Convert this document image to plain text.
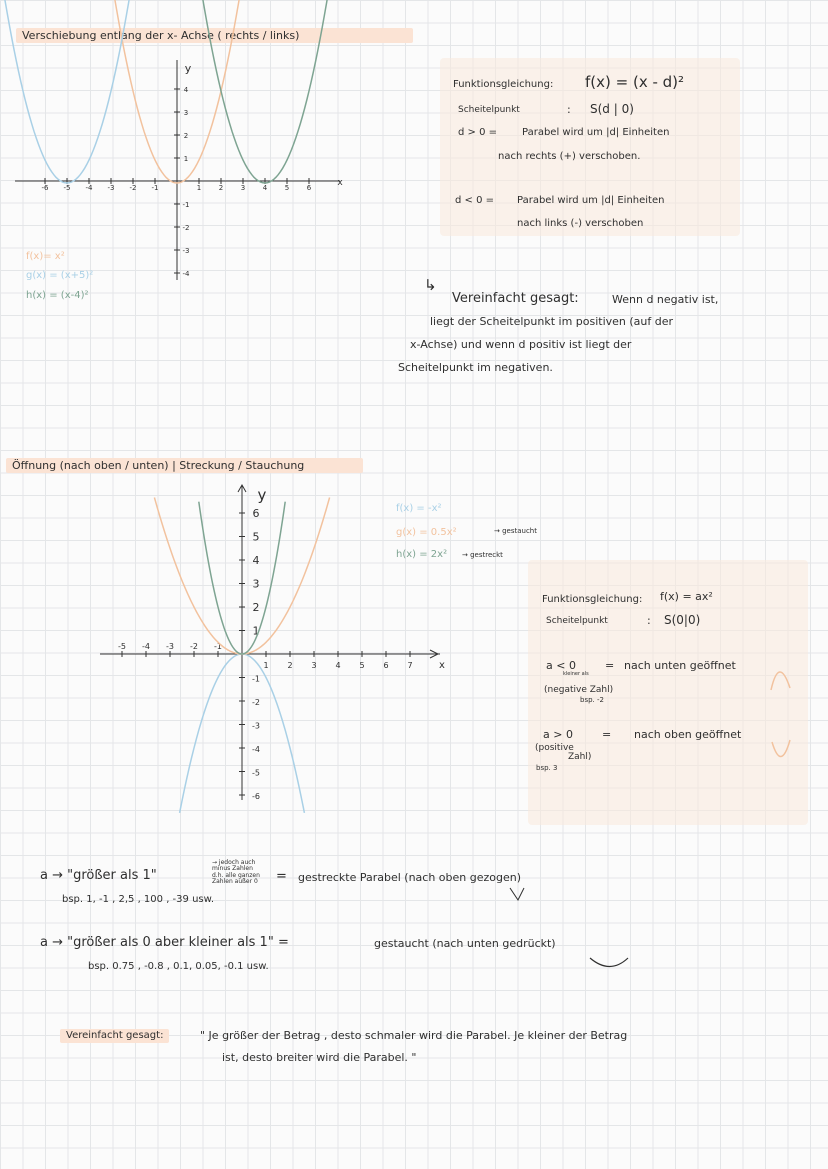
Verschiebung entlang der x- Achse ( rechts / links)
x
y
-6 -5 -4 -3 -2 -1	1	2	3	4	5	6
4
3
2
1
-1
-2
-3
-4
f(x)= x²
g(x) = (x+5)²
h(x) = (x-4)²
Funktionsgleichung: f(x) = (x - d)²
Scheitelpunkt	: S(d | 0)
d > 0 = Parabel wird um |d| Einheiten
nach rechts (+) verschoben.
d < 0 = Parabel wird um |d| Einheiten
nach links (-) verschoben
↳
Vereinfacht gesagt:	Wenn d negativ ist,
liegt der Scheitelpunkt im positiven (auf der
x-Achse) und wenn d positiv ist liegt der
Scheitelpunkt im negativen.
Öffnung (nach oben / unten) | Streckung / Stauchung
x
y
-5 -4 -3 -2 -1
1 2 3 4 5 6 7
6
5
4
3
2
1
-1
-2
-3
-4
-5
-6
f(x) = -x²
g(x) = 0.5x²	→ gestaucht
h(x) = 2x² → gestreckt
Funktionsgleichung: f(x) = ax²
Scheitelpunkt	: S(0|0)
a < 0
kleiner als
= nach unten geöffnet
(negative Zahl)
bsp. -2
a > 0	= nach oben geöffnet
(positive
Zahl)
bsp. 3
a → "größer als 1"
→ jedoch auch
minus Zahlen
d.h. alle ganzen
Zahlen außer 0 = gestreckte Parabel (nach oben gezogen)
bsp. 1, -1 , 2,5 , 100 , -39 usw.
a → "größer als 0 aber kleiner als 1" =	gestaucht (nach unten gedrückt)
bsp. 0.75 , -0.8 , 0.1, 0.05, -0.1 usw.
Vereinfacht gesagt:	" Je größer der Betrag , desto schmaler wird die Parabel. Je kleiner der Betrag
ist, desto breiter wird die Parabel. "
